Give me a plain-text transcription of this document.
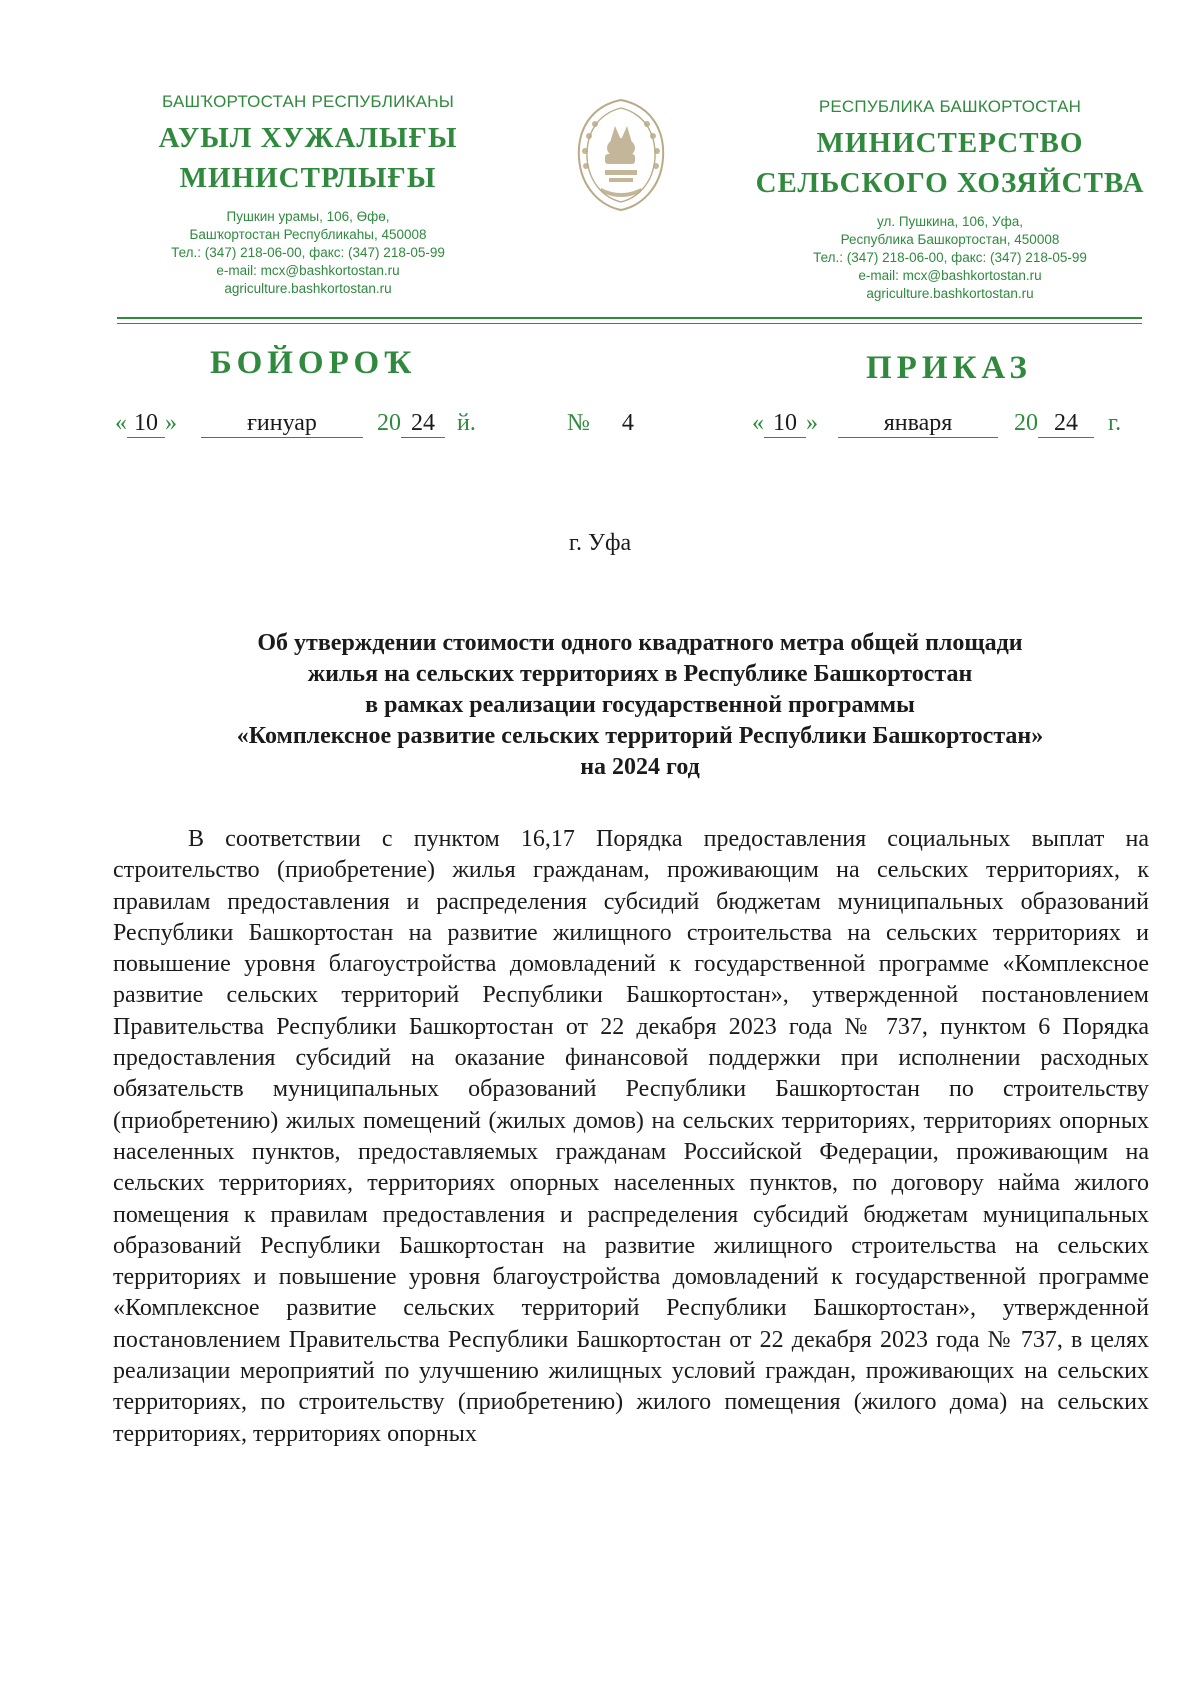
БАШҠОРТОСТАН РЕСПУБЛИКАҺЫ
АУЫЛ ХУЖАЛЫҒЫ
МИНИСТРЛЫҒЫ
Пушкин урамы, 106, Өфө,
Башҡортостан Республикаһы, 450008
Тел.: (347) 218-06-00, факс: (347) 218-05-99
e-mail: mcx@bashkortostan.ru
agriculture.bashkortostan.ru
РЕСПУБЛИКА БАШКОРТОСТАН
МИНИСТЕРСТВО
СЕЛЬСКОГО ХОЗЯЙСТВА
ул. Пушкина, 106, Уфа,
Республика Башкортостан, 450008
Тел.: (347) 218-06-00, факс: (347) 218-05-99
e-mail: mcx@bashkortostan.ru
agriculture.bashkortostan.ru
БОЙОРОҠ	ПРИКАЗ
« 10 »	ғинуар	20 24 й.	№ 4	« 10 »	января	20 24 г.
г. Уфа
Об утверждении стоимости одного квадратного метра общей площади
жилья на сельских территориях в Республике Башкортостан
в рамках реализации государственной программы
«Комплексное развитие сельских территорий Республики Башкортостан»
на 2024 год
В соответствии с пунктом 16,17 Порядка предоставления социальных выплат на строительство (приобретение) жилья гражданам, проживающим на сельских территориях, к правилам предоставления и распределения субсидий бюджетам муниципальных образований Республики Башкортостан на развитие жилищного строительства на сельских территориях и повышение уровня благоустройства домовладений к государственной программе «Комплексное развитие сельских территорий Республики Башкортостан», утвержденной постановлением Правительства Республики Башкортостан от 22 декабря 2023 года № 737, пунктом 6 Порядка предоставления субсидий на оказание финансовой поддержки при исполнении расходных обязательств муниципальных образований Республики Башкортостан по строительству (приобретению) жилых помещений (жилых домов) на сельских территориях, территориях опорных населенных пунктов, предоставляемых гражданам Российской Федерации, проживающим на сельских территориях, территориях опорных населенных пунктов, по договору найма жилого помещения к правилам предоставления и распределения субсидий бюджетам муниципальных образований Республики Башкортостан на развитие жилищного строительства на сельских территориях и повышение уровня благоустройства домовладений к государственной программе «Комплексное развитие сельских территорий Республики Башкортостан», утвержденной постановлением Правительства Республики Башкортостан от 22 декабря 2023 года № 737, в целях реализации мероприятий по улучшению жилищных условий граждан, проживающих на сельских территориях, по строительству (приобретению) жилого помещения (жилого дома) на сельских территориях, территориях опорных
